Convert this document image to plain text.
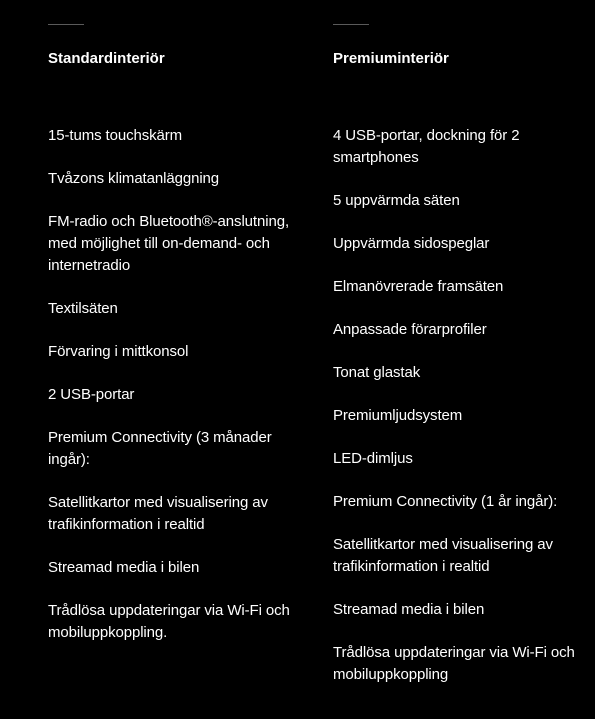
Standardinteriör
15-tums touchskärm
Tvåzons klimatanläggning
FM-radio och Bluetooth®-anslutning, med möjlighet till on-demand- och internetradio
Textilsäten
Förvaring i mittkonsol
2 USB-portar
Premium Connectivity (3 månader ingår):
Satellitkartor med visualisering av trafikinformation i realtid
Streamad media i bilen
Trådlösa uppdateringar via Wi-Fi och mobiluppkoppling.
Premiuminteriör
4 USB-portar, dockning för 2 smartphones
5 uppvärmda säten
Uppvärmda sidospeglar
Elmanövrerade framsäten
Anpassade förarprofiler
Tonat glastak
Premiumljudsystem
LED-dimljus
Premium Connectivity (1 år ingår):
Satellitkartor med visualisering av trafikinformation i realtid
Streamad media i bilen
Trådlösa uppdateringar via Wi-Fi och mobiluppkoppling
